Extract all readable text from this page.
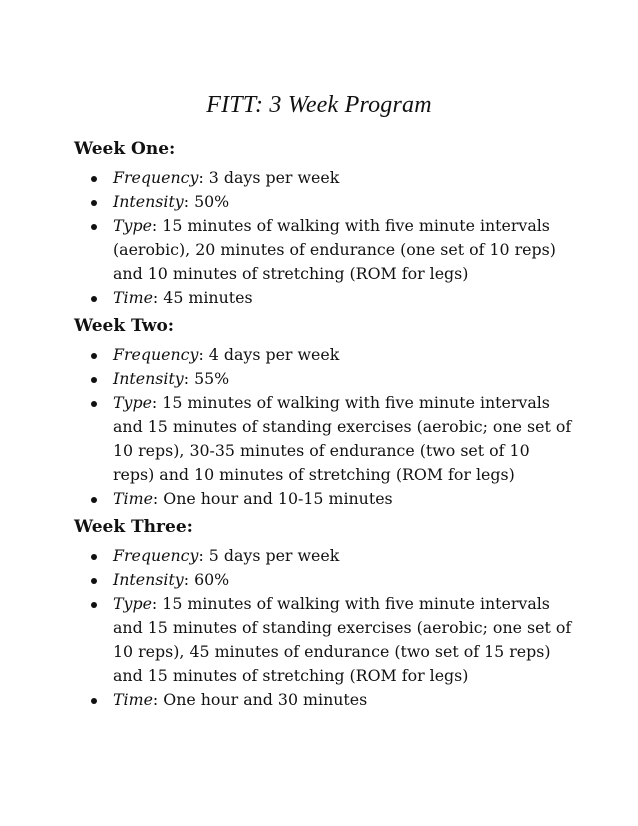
FITT: 3 Week Program
Week One:
Frequency: 3 days per week
Intensity: 50%
Type: 15 minutes of walking with five minute intervals (aerobic), 20 minutes of endurance (one set of 10 reps) and 10 minutes of stretching (ROM for legs)
Time: 45 minutes
Week Two:
Frequency: 4 days per week
Intensity: 55%
Type: 15 minutes of walking with five minute intervals and 15 minutes of standing exercises (aerobic; one set of 10 reps), 30-35 minutes of endurance (two set of 10 reps) and 10 minutes of stretching (ROM for legs)
Time: One hour and 10-15 minutes
Week Three:
Frequency: 5 days per week
Intensity: 60%
Type: 15 minutes of walking with five minute intervals and 15 minutes of standing exercises (aerobic; one set of 10 reps), 45 minutes of endurance (two set of 15 reps) and 15 minutes of stretching (ROM for legs)
Time: One hour and 30 minutes
